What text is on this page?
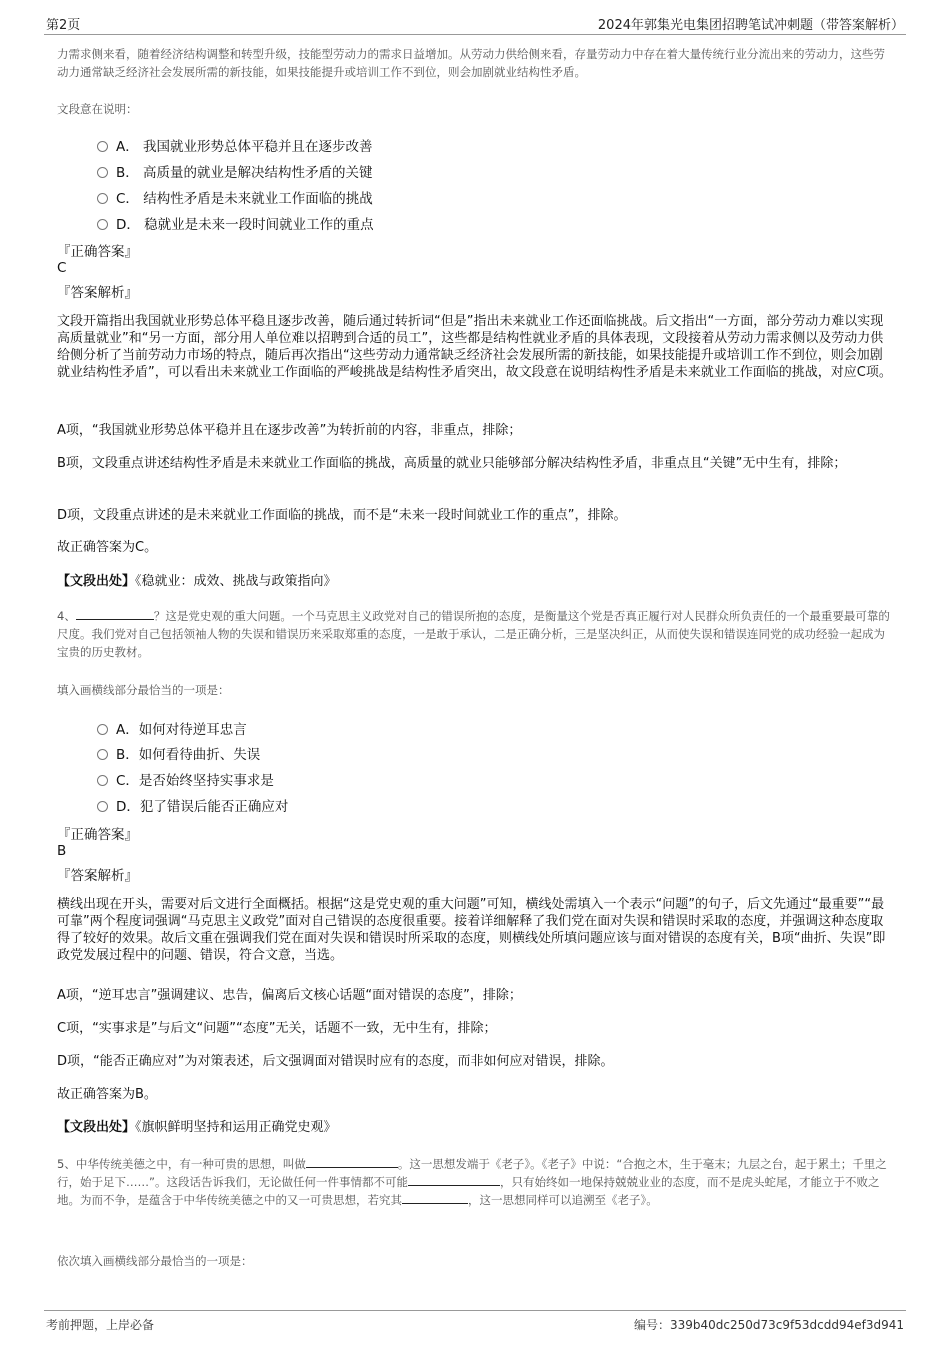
第2页	2024年郭集光电集团招聘笔试冲刺题（带答案解析）

力需求侧来看，随着经济结构调整和转型升级，技能型劳动力的需求日益增加。从劳动力供给侧来看，存量劳动力中存在着大量传统行业分流出来的劳动力，这些劳动力通常缺乏经济社会发展所需的新技能，如果技能提升或培训工作不到位，则会加剧就业结构性矛盾。

文段意在说明：

A． 我国就业形势总体平稳并且在逐步改善
B． 高质量的就业是解决结构性矛盾的关键
C． 结构性矛盾是未来就业工作面临的挑战
D． 稳就业是未来一段时间就业工作的重点

『正确答案』

C

『答案解析』

文段开篇指出我国就业形势总体平稳且逐步改善，随后通过转折词“但是”指出未来就业工作还面临挑战。后文指出“一方面，部分劳动力难以实现高质量就业”和“另一方面，部分用人单位难以招聘到合适的员工”，这些都是结构性就业矛盾的具体表现，文段接着从劳动力需求侧以及劳动力供给侧分析了当前劳动力市场的特点，随后再次指出“这些劳动力通常缺乏经济社会发展所需的新技能，如果技能提升或培训工作不到位，则会加剧就业结构性矛盾”，可以看出未来就业工作面临的严峻挑战是结构性矛盾突出，故文段意在说明结构性矛盾是未来就业工作面临的挑战，对应C项。

A项，“我国就业形势总体平稳并且在逐步改善”为转折前的内容，非重点，排除；

B项，文段重点讲述结构性矛盾是未来就业工作面临的挑战，高质量的就业只能够部分解决结构性矛盾，非重点且“关键”无中生有，排除；

D项，文段重点讲述的是未来就业工作面临的挑战，而不是“未来一段时间就业工作的重点”，排除。

故正确答案为C。

【文段出处】《稳就业：成效、挑战与政策指向》

4、	？这是党史观的重大问题。一个马克思主义政党对自己的错误所抱的态度，是衡量这个党是否真正履行对人民群众所负责任的一个最重要最可靠的尺度。我们党对自己包括领袖人物的失误和错误历来采取郑重的态度，一是敢于承认，二是正确分析，三是坚决纠正，从而使失误和错误连同党的成功经验一起成为宝贵的历史教材。

填入画横线部分最恰当的一项是：

A．如何对待逆耳忠言
B．如何看待曲折、失误
C．是否始终坚持实事求是
D．犯了错误后能否正确应对

『正确答案』

B

『答案解析』

横线出现在开头，需要对后文进行全面概括。根据“这是党史观的重大问题”可知，横线处需填入一个表示“问题”的句子，后文先通过“最重要”“最可靠”两个程度词强调“马克思主义政党”面对自己错误的态度很重要。接着详细解释了我们党在面对失误和错误时采取的态度，并强调这种态度取得了较好的效果。故后文重在强调我们党在面对失误和错误时所采取的态度，则横线处所填问题应该与面对错误的态度有关，B项“曲折、失误”即政党发展过程中的问题、错误，符合文意，当选。

A项，“逆耳忠言”强调建议、忠告，偏离后文核心话题“面对错误的态度”，排除；

C项，“实事求是”与后文“问题”“态度”无关，话题不一致，无中生有，排除；

D项，“能否正确应对”为对策表述，后文强调面对错误时应有的态度，而非如何应对错误，排除。

故正确答案为B。

【文段出处】《旗帜鲜明坚持和运用正确党史观》

5、中华传统美德之中，有一种可贵的思想，叫做	。这一思想发端于《老子》。《老子》中说：“合抱之木，生于毫末；九层之台，起于累土；千里之行，始于足下……”。这段话告诉我们，无论做任何一件事情都不可能	，只有始终如一地保持兢兢业业的态度，而不是虎头蛇尾，才能立于不败之地。为而不争，是蕴含于中华传统美德之中的又一可贵思想，若究其	，这一思想同样可以追溯至《老子》。

依次填入画横线部分最恰当的一项是：

考前押题，上岸必备	编号：339b40dc250d73c9f53dcdd94ef3d941
